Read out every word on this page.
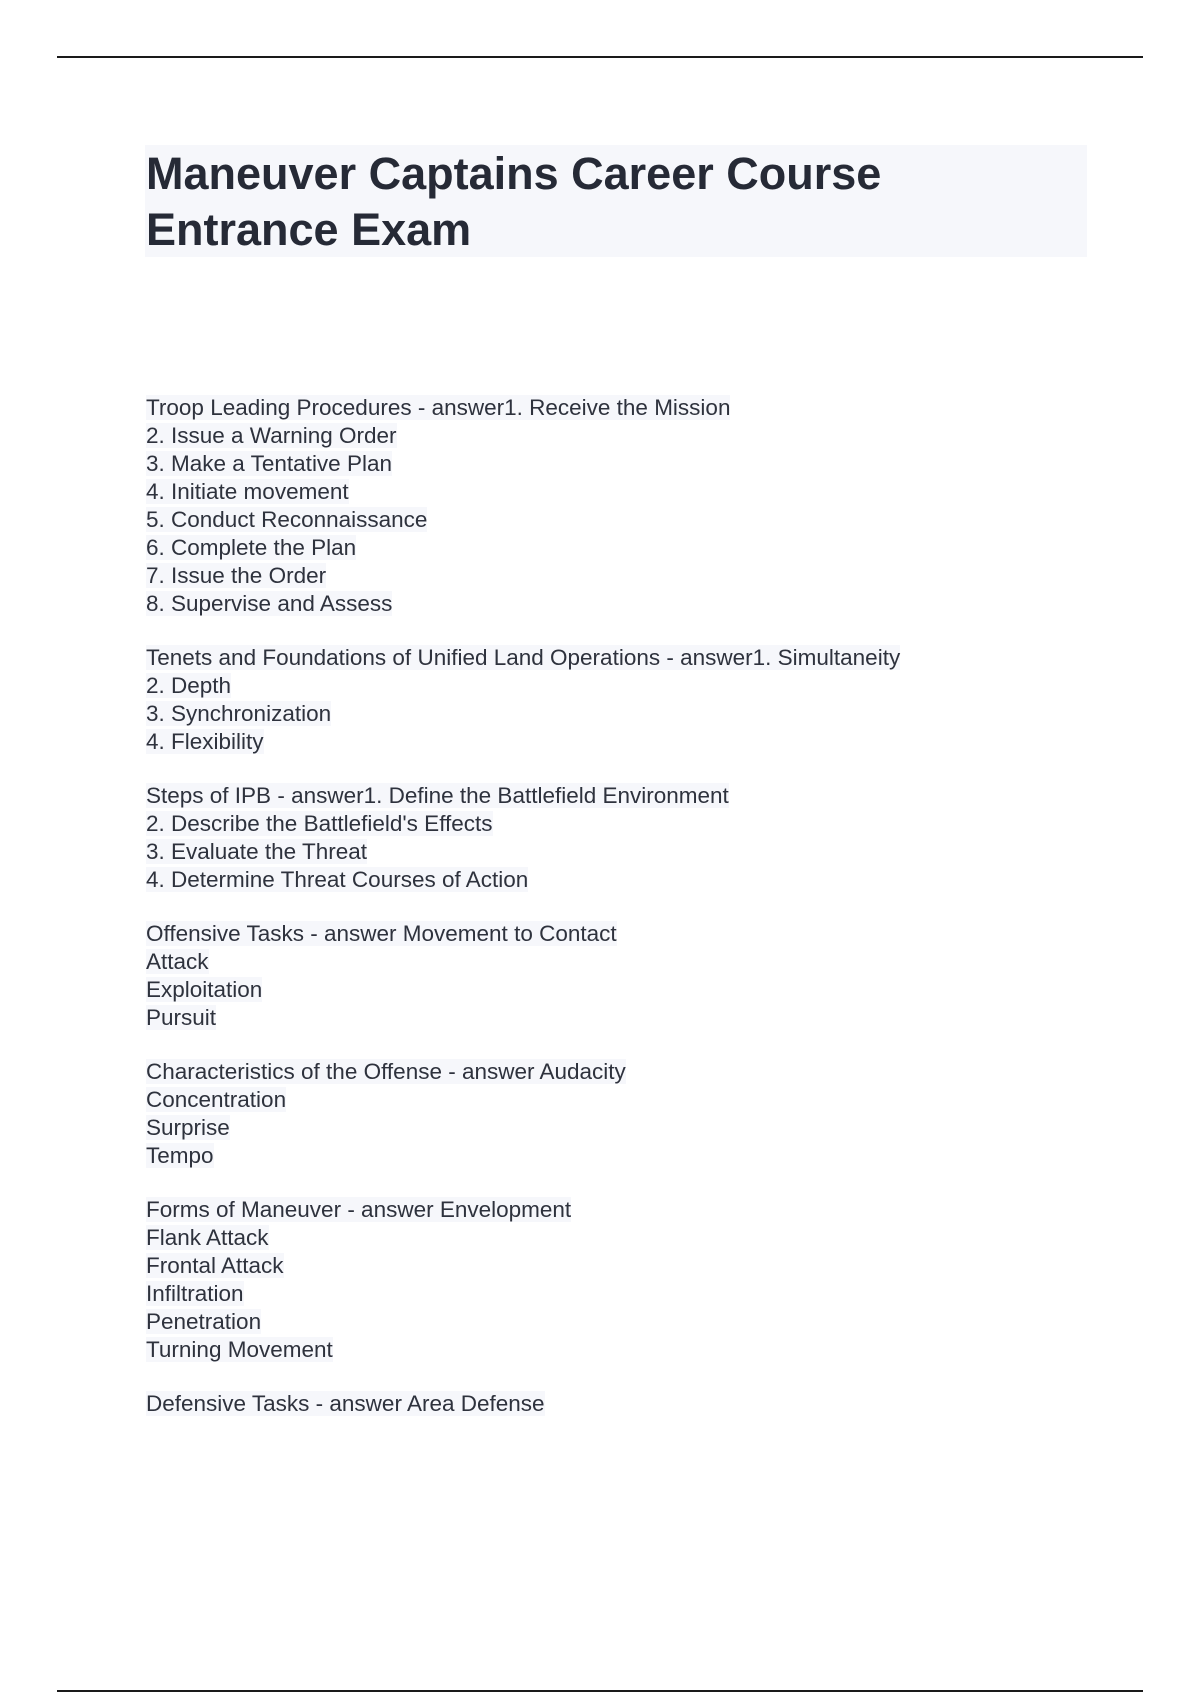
Maneuver Captains Career Course Entrance Exam
Troop Leading Procedures - answer1. Receive the Mission
2. Issue a Warning Order
3. Make a Tentative Plan
4. Initiate movement
5. Conduct Reconnaissance
6. Complete the Plan
7. Issue the Order
8. Supervise and Assess
Tenets and Foundations of Unified Land Operations - answer1. Simultaneity
2. Depth
3. Synchronization
4. Flexibility
Steps of IPB - answer1. Define the Battlefield Environment
2. Describe the Battlefield's Effects
3. Evaluate the Threat
4. Determine Threat Courses of Action
Offensive Tasks - answer Movement to Contact
Attack
Exploitation
Pursuit
Characteristics of the Offense - answer Audacity
Concentration
Surprise
Tempo
Forms of Maneuver - answer Envelopment
Flank Attack
Frontal Attack
Infiltration
Penetration
Turning Movement
Defensive Tasks - answer Area Defense
